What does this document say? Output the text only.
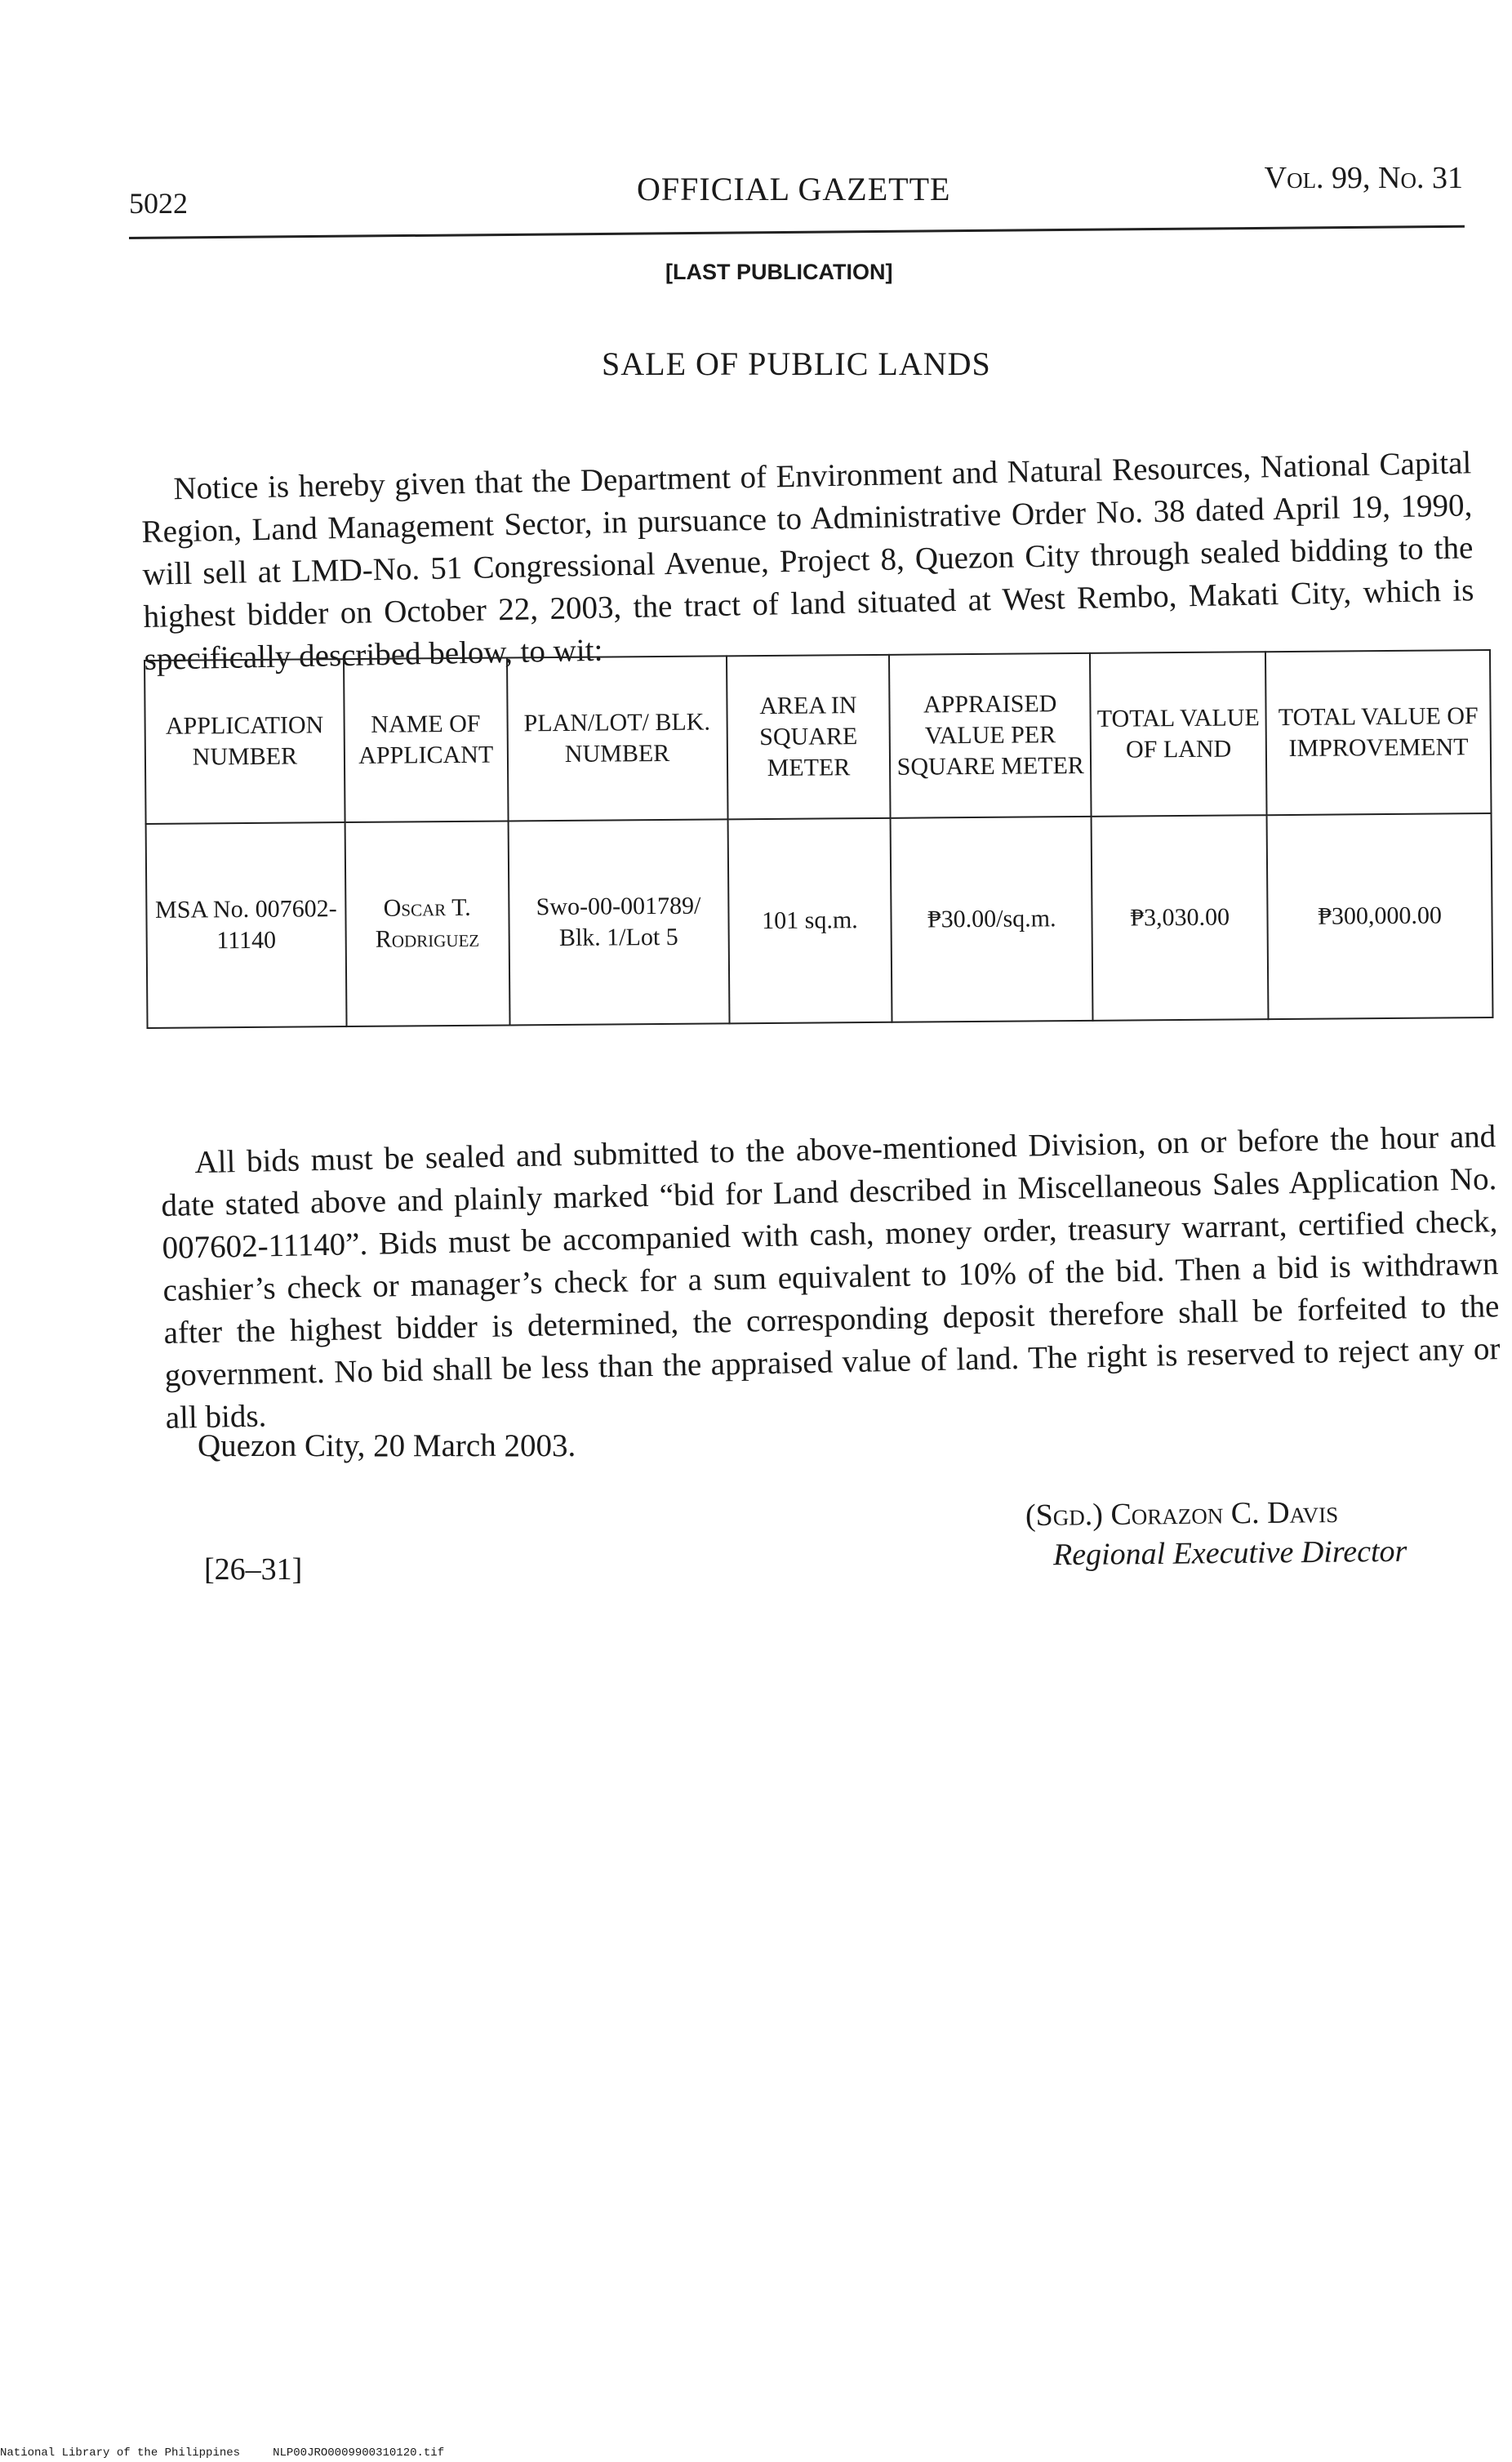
5022	OFFICIAL GAZETTE	Vol. 99, No. 31
[LAST PUBLICATION]
SALE OF PUBLIC LANDS

Notice is hereby given that the Department of Environment and Natural Resources, National Capital Region, Land Management Sector, in pursuance to Administrative Order No. 38 dated April 19, 1990, will sell at LMD-No. 51 Congressional Avenue, Project 8, Quezon City through sealed bidding to the highest bidder on October 22, 2003, the tract of land situated at West Rembo, Makati City, which is specifically described below, to wit:

APPLICATION NUMBER	NAME OF APPLICANT	PLAN/LOT/ BLK. NUMBER	AREA IN SQUARE METER	APPRAISED VALUE PER SQUARE METER	TOTAL VALUE OF LAND	TOTAL VALUE OF IMPROVEMENT
MSA No. 007602-11140	Oscar T. Rodriguez	Swo-00-001789/ Blk. 1/Lot 5	101 sq.m.	₱30.00/sq.m.	₱3,030.00	₱300,000.00

All bids must be sealed and submitted to the above-mentioned Division, on or before the hour and date stated above and plainly marked “bid for Land described in Miscellaneous Sales Application No. 007602-11140”. Bids must be accompanied with cash, money order, treasury warrant, certified check, cashier’s check or manager’s check for a sum equivalent to 10% of the bid. Then a bid is withdrawn after the highest bidder is determined, the corresponding deposit therefore shall be forfeited to the government. No bid shall be less than the appraised value of land. The right is reserved to reject any or all bids.

Quezon City, 20 March 2003.
(Sgd.) Corazon C. Davis
Regional Executive Director
[26–31]
National Library of the Philippines	NLP00JRO0009900310120.tif
